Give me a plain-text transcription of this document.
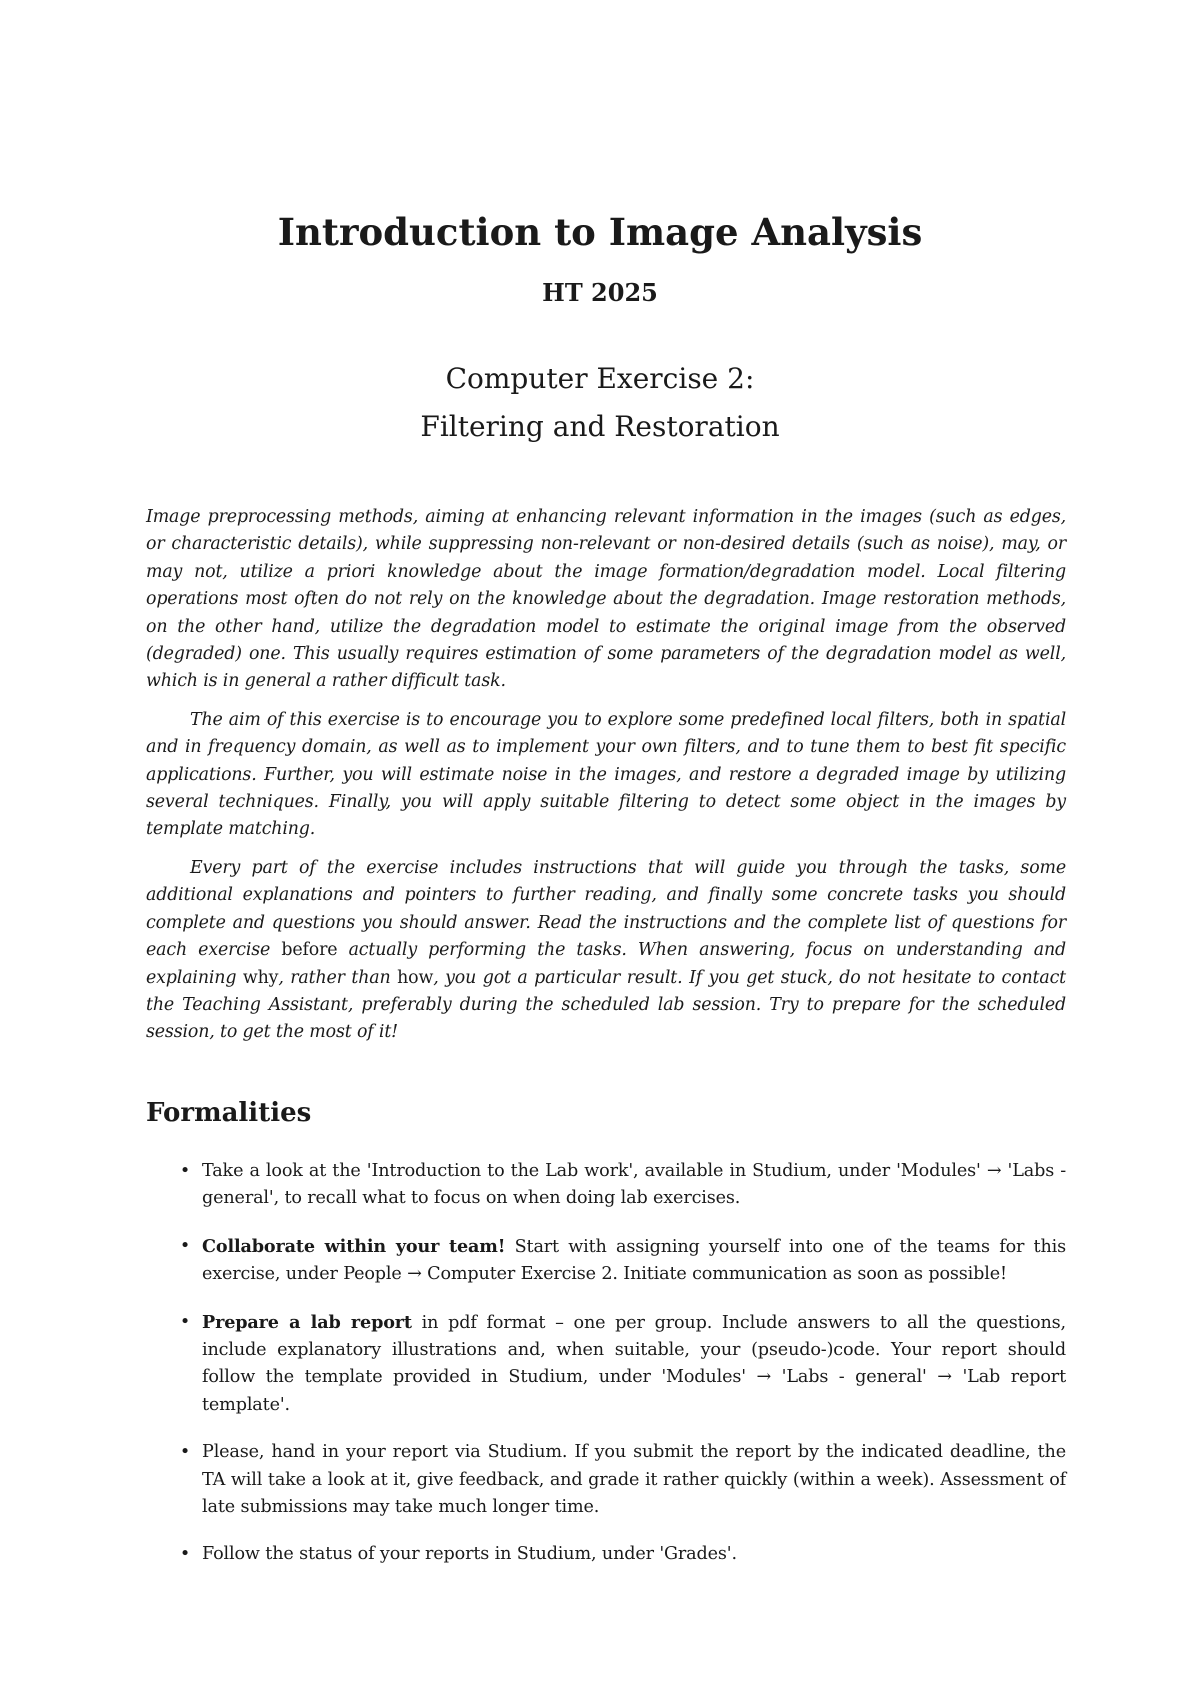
Introduction to Image Analysis
HT 2025
Computer Exercise 2:
Filtering and Restoration

Image preprocessing methods, aiming at enhancing relevant information in the images (such as edges, or characteristic details), while suppressing non-relevant or non-desired details (such as noise), may, or may not, utilize a priori knowledge about the image formation/degradation model. Local filtering operations most often do not rely on the knowledge about the degradation. Image restoration methods, on the other hand, utilize the degradation model to estimate the original image from the observed (degraded) one. This usually requires estimation of some parameters of the degradation model as well, which is in general a rather difficult task.

The aim of this exercise is to encourage you to explore some predefined local filters, both in spatial and in frequency domain, as well as to implement your own filters, and to tune them to best fit specific applications. Further, you will estimate noise in the images, and restore a degraded image by utilizing several techniques. Finally, you will apply suitable filtering to detect some object in the images by template matching.

Every part of the exercise includes instructions that will guide you through the tasks, some additional explanations and pointers to further reading, and finally some concrete tasks you should complete and questions you should answer. Read the instructions and the complete list of questions for each exercise before actually performing the tasks. When answering, focus on understanding and explaining why, rather than how, you got a particular result. If you get stuck, do not hesitate to contact the Teaching Assistant, preferably during the scheduled lab session. Try to prepare for the scheduled session, to get the most of it!

Formalities
• Take a look at the 'Introduction to the Lab work', available in Studium, under 'Modules' → 'Labs - general', to recall what to focus on when doing lab exercises.
• Collaborate within your team! Start with assigning yourself into one of the teams for this exercise, under People → Computer Exercise 2. Initiate communication as soon as possible!
• Prepare a lab report in pdf format – one per group. Include answers to all the questions, include explanatory illustrations and, when suitable, your (pseudo-)code. Your report should follow the template provided in Studium, under 'Modules' → 'Labs - general' → 'Lab report template'.
• Please, hand in your report via Studium. If you submit the report by the indicated deadline, the TA will take a look at it, give feedback, and grade it rather quickly (within a week). Assessment of late submissions may take much longer time.
• Follow the status of your reports in Studium, under 'Grades'.
